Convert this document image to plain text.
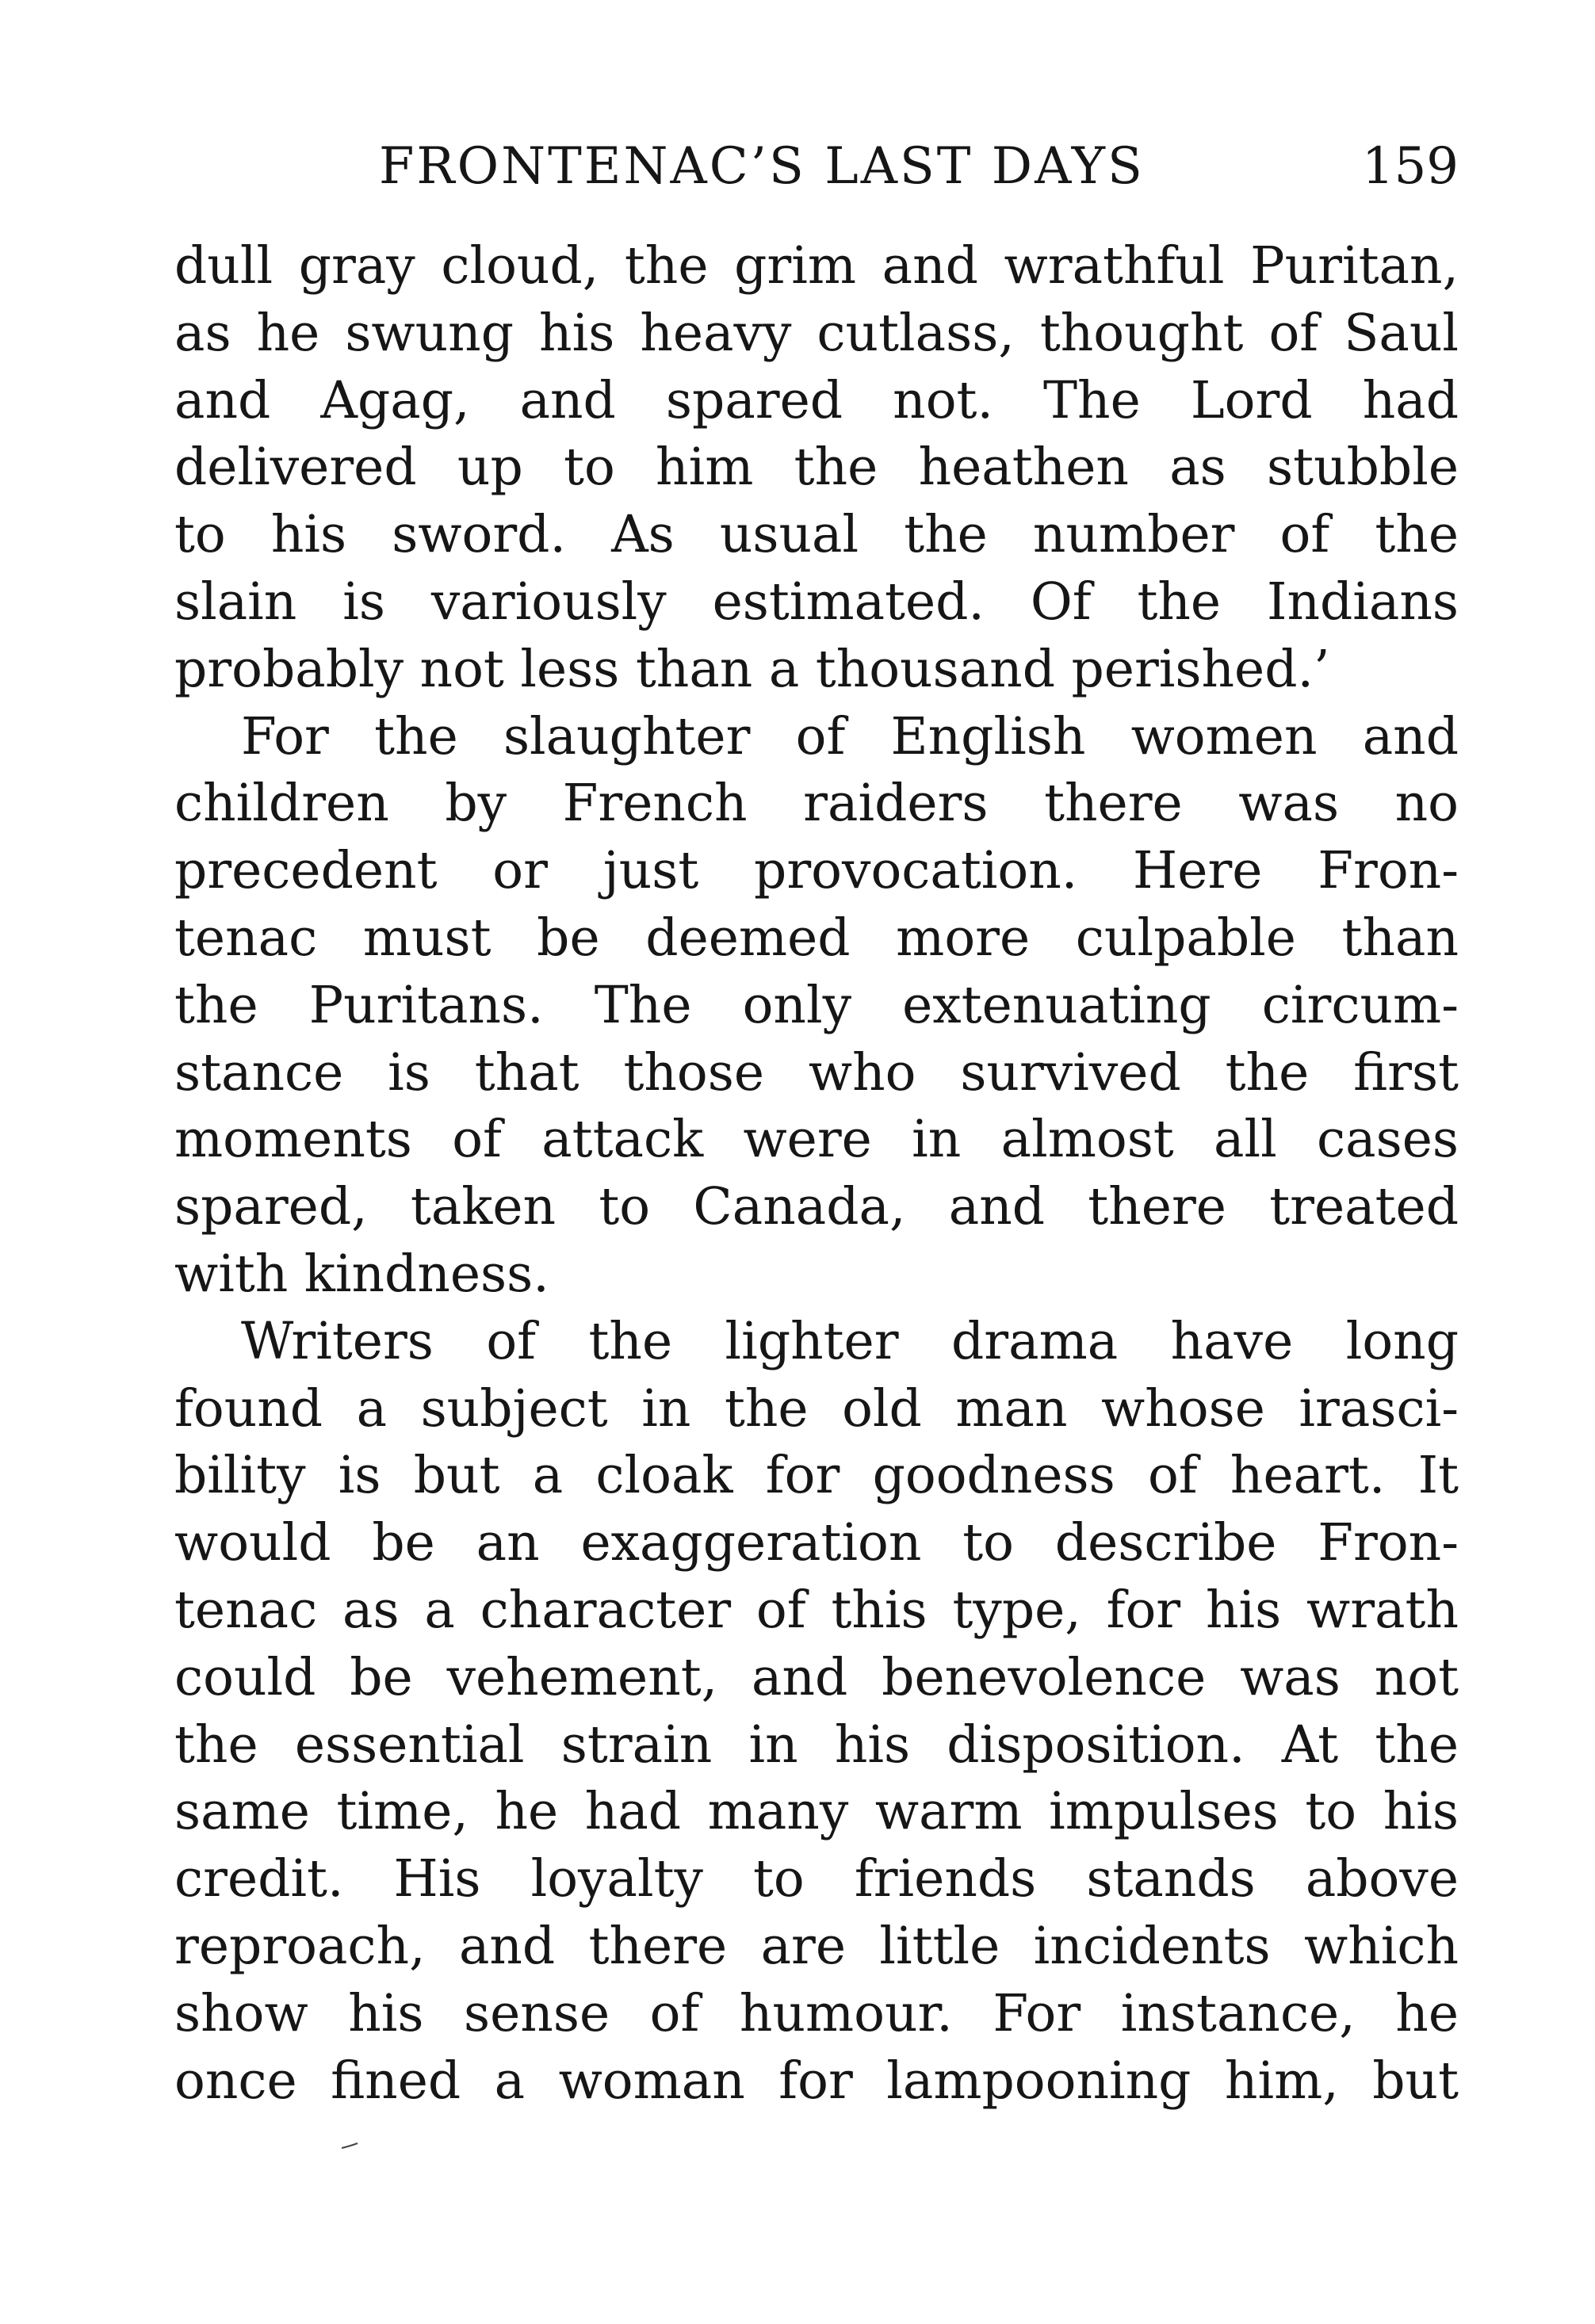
FRONTENAC’S LAST DAYS	159
dull gray cloud, the grim and wrathful Puritan,
as he swung his heavy cutlass, thought of Saul
and Agag, and spared not. The Lord had
delivered up to him the heathen as stubble
to his sword. As usual the number of the
slain is variously estimated. Of the Indians
probably not less than a thousand perished.’
For the slaughter of English women and
children by French raiders there was no
precedent or just provocation. Here Fron-
tenac must be deemed more culpable than
the Puritans. The only extenuating circum-
stance is that those who survived the first
moments of attack were in almost all cases
spared, taken to Canada, and there treated
with kindness.
Writers of the lighter drama have long
found a subject in the old man whose irasci-
bility is but a cloak for goodness of heart. It
would be an exaggeration to describe Fron-
tenac as a character of this type, for his wrath
could be vehement, and benevolence was not
the essential strain in his disposition. At the
same time, he had many warm impulses to his
credit. His loyalty to friends stands above
reproach, and there are little incidents which
show his sense of humour. For instance, he
once fined a woman for lampooning him, but
